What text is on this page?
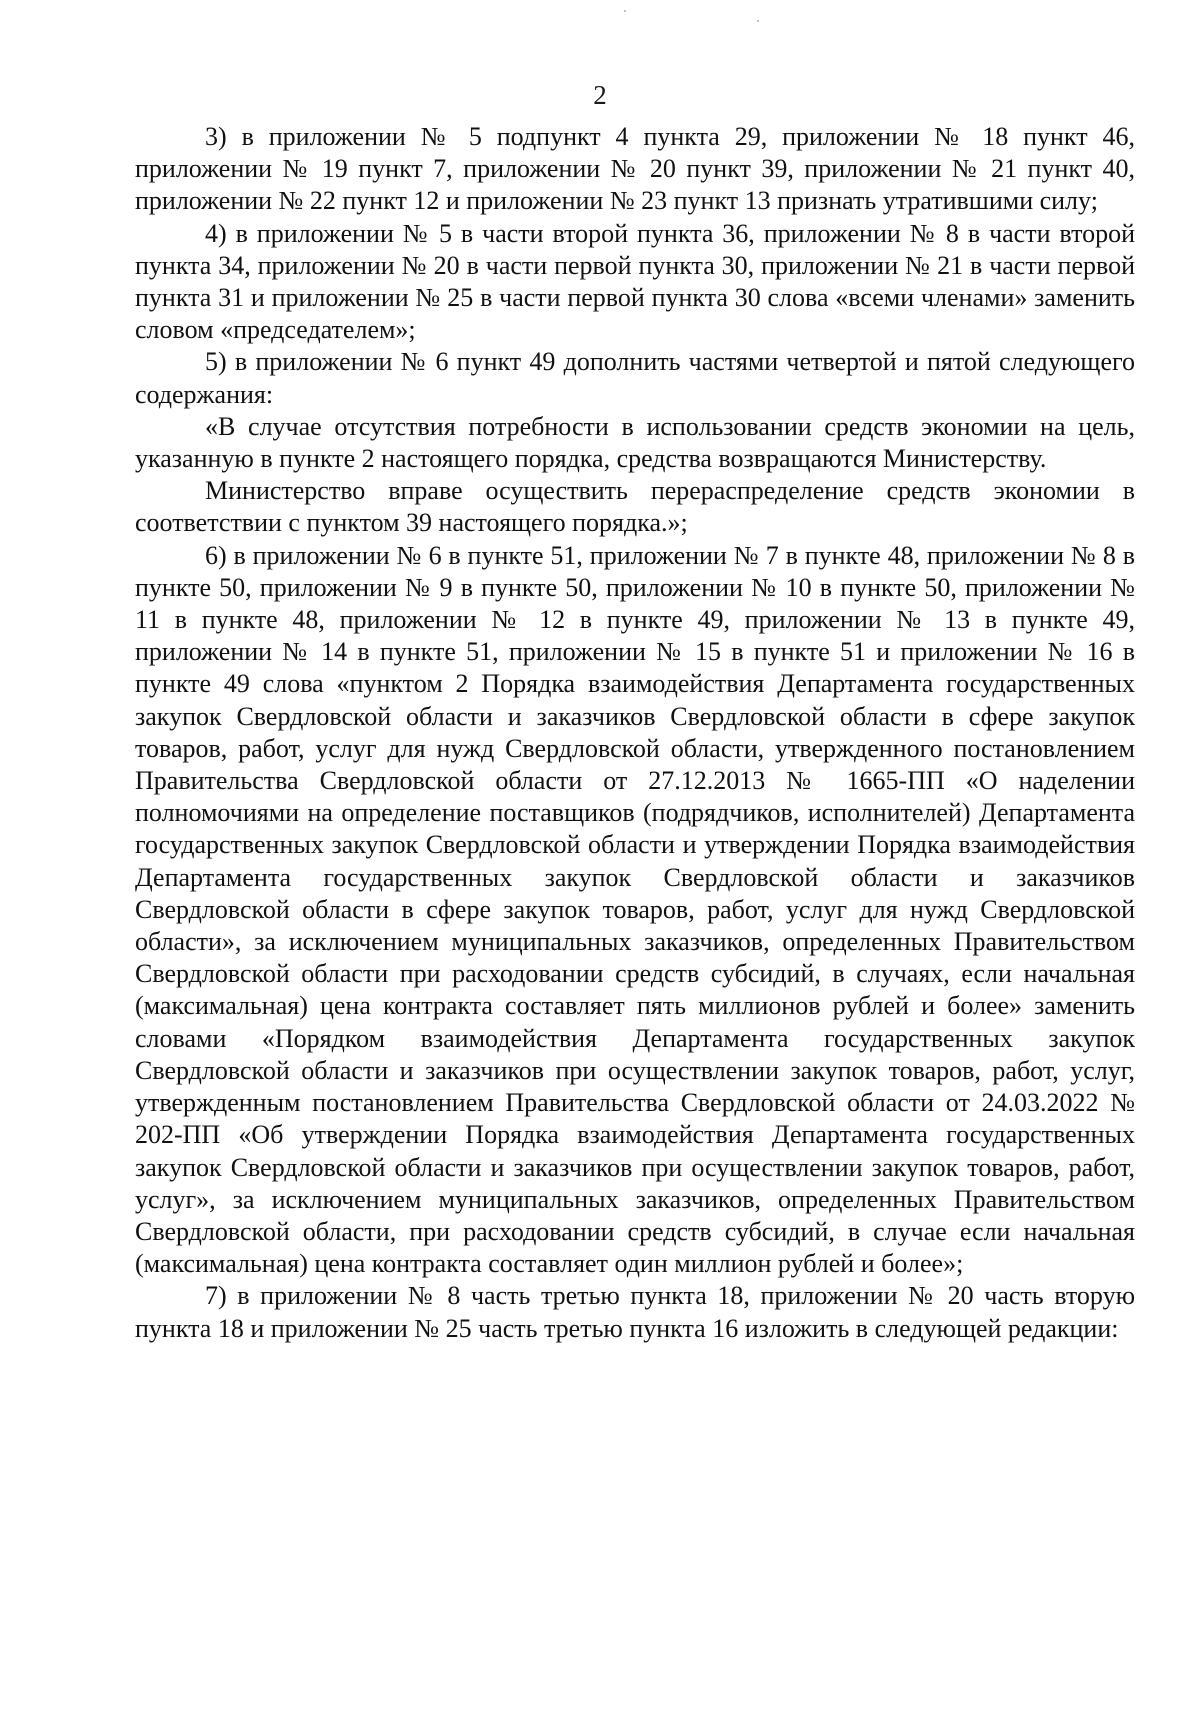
2

3) в приложении № 5 подпункт 4 пункта 29, приложении № 18 пункт 46, приложении № 19 пункт 7, приложении № 20 пункт 39, приложении № 21 пункт 40, приложении № 22 пункт 12 и приложении № 23 пункт 13 признать утратившими силу;

4) в приложении № 5 в части второй пункта 36, приложении № 8 в части второй пункта 34, приложении № 20 в части первой пункта 30, приложении № 21 в части первой пункта 31 и приложении № 25 в части первой пункта 30 слова «всеми членами» заменить словом «председателем»;

5) в приложении № 6 пункт 49 дополнить частями четвертой и пятой следующего содержания:

«В случае отсутствия потребности в использовании средств экономии на цель, указанную в пункте 2 настоящего порядка, средства возвращаются Министерству.

Министерство вправе осуществить перераспределение средств экономии в соответствии с пунктом 39 настоящего порядка.»;

6) в приложении № 6 в пункте 51, приложении № 7 в пункте 48, приложении № 8 в пункте 50, приложении № 9 в пункте 50, приложении № 10 в пункте 50, приложении № 11 в пункте 48, приложении № 12 в пункте 49, приложении № 13 в пункте 49, приложении № 14 в пункте 51, приложении № 15 в пункте 51 и приложении № 16 в пункте 49 слова «пунктом 2 Порядка взаимодействия Департамента государственных закупок Свердловской области и заказчиков Свердловской области в сфере закупок товаров, работ, услуг для нужд Свердловской области, утвержденного постановлением Правительства Свердловской области от 27.12.2013 № 1665-ПП «О наделении полномочиями на определение поставщиков (подрядчиков, исполнителей) Департамента государственных закупок Свердловской области и утверждении Порядка взаимодействия Департамента государственных закупок Свердловской области и заказчиков Свердловской области в сфере закупок товаров, работ, услуг для нужд Свердловской области», за исключением муниципальных заказчиков, определенных Правительством Свердловской области при расходовании средств субсидий, в случаях, если начальная (максимальная) цена контракта составляет пять миллионов рублей и более» заменить словами «Порядком взаимодействия Департамента государственных закупок Свердловской области и заказчиков при осуществлении закупок товаров, работ, услуг, утвержденным постановлением Правительства Свердловской области от 24.03.2022 № 202-ПП «Об утверждении Порядка взаимодействия Департамента государственных закупок Свердловской области и заказчиков при осуществлении закупок товаров, работ, услуг», за исключением муниципальных заказчиков, определенных Правительством Свердловской области, при расходовании средств субсидий, в случае если начальная (максимальная) цена контракта составляет один миллион рублей и более»;

7) в приложении № 8 часть третью пункта 18, приложении № 20 часть вторую пункта 18 и приложении № 25 часть третью пункта 16 изложить в следующей редакции:
